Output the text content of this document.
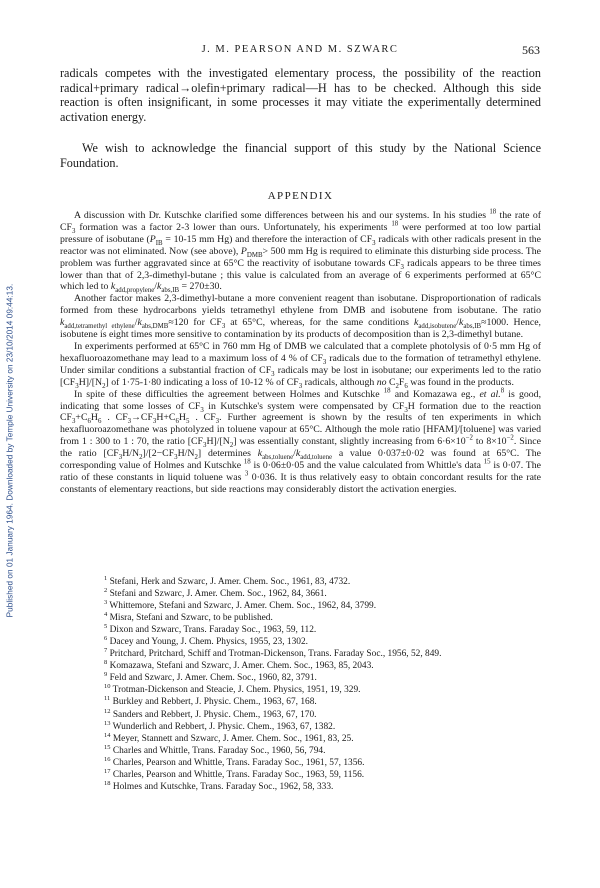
Published on 01 January 1964. Downloaded by Temple University on 23/10/2014 09:44:13.
J. M. PEARSON AND M. SZWARC	563

radicals competes with the investigated elementary process, the possibility of the reaction radical+primary radical→olefin+primary radical—H has to be checked. Although this side reaction is often insignificant, in some processes it may vitiate the experimentally determined activation energy.

We wish to acknowledge the financial support of this study by the National Science Foundation.

APPENDIX

A discussion with Dr. Kutschke clarified some differences between his and our systems. In his studies $^{18}$ the rate of $CF_3$ formation was a factor 2-3 lower than ours. Unfortunately, his experiments $^{18}$ were performed at too low partial pressure of isobutane ($P_{IB} = 10-15$ mm Hg) and therefore the interaction of $CF_3$ radicals with other radicals present in the reactor was not eliminated. Now (see above), $P_{DMB}> 500$ mm Hg is required to eliminate this disturbing side process. The problem was further aggravated since at 65°C the reactivity of isobutane towards $CF_3$ radicals appears to be three times lower than that of 2,3-dimethyl-butane ; this value is calculated from an average of 6 experiments performed at 65°C which led to $k_{add,propylene}/k_{abs,IB} = 270\pm 30$.

Another factor makes 2,3-dimethyl-butane a more convenient reagent than isobutane. Disproportionation of radicals formed from these hydrocarbons yields tetramethyl ethylene from DMB and isobutene from isobutane. The ratio $k_{add,tetramethyl ethylene}/k_{abs,DMB}\approx 120$ for $CF_3$ at 65°C, whereas, for the same conditions $k_{add,isobutene}/k_{abs,IB}\approx 1000$. Hence, isobutene is eight times more sensitive to contamination by its products of decomposition than is 2,3-dimethyl butane.

In experiments performed at 65°C in 760 mm Hg of DMB we calculated that a complete photolysis of 0·5 mm Hg of hexafluoroazomethane may lead to a maximum loss of 4 % of $CF_3$ radicals due to the formation of tetramethyl ethylene. Under similar conditions a substantial fraction of $CF_3$ radicals may be lost in isobutane; our experiments led to the ratio $[CF_3H]/[N_2]$ of 1·75-1·80 indicating a loss of 10-12 % of $CF_3$ radicals, although no $C_2F_6$ was found in the products.

In spite of these difficulties the agreement between Holmes and Kutschke $^{18}$ and Komazawa eg., et al.$^8$ is good, indicating that some losses of $CF_3$ in Kutschke's system were compensated by $CF_3H$ formation due to the reaction $CF_3+C_6H_6$ . $CF_3\to CF_3H+C_6H_5$ . $CF_3$. Further agreement is shown by the results of ten experiments in which hexafluoroazomethane was photolyzed in toluene vapour at 65°C. Although the mole ratio [HFAM]/[toluene] was varied from 1 : 300 to 1 : 70, the ratio $[CF_3H]/[N_2]$ was essentially constant, slightly increasing from $6\cdot 6\times 10^{-2}$ to $8\times 10^{-2}$. Since the ratio $[CF_3H/N_2]/[2-CF_3H/N_2]$ determines $k_{abs,toluene}/k_{add,toluene}$ a value 0·037±0·02 was found at 65°C. The corresponding value of Holmes and Kutschke $^{18}$ is 0·06±0·05 and the value calculated from Whittle's data $^{15}$ is 0·07. The ratio of these constants in liquid toluene was $^3$ 0·036. It is thus relatively easy to obtain concordant results for the rate constants of elementary reactions, but side reactions may considerably distort the activation energies.

$^1$ Stefani, Herk and Szwarc, J. Amer. Chem. Soc., 1961, 83, 4732.
$^2$ Stefani and Szwarc, J. Amer. Chem. Soc., 1962, 84, 3661.
$^3$ Whittemore, Stefani and Szwarc, J. Amer. Chem. Soc., 1962, 84, 3799.
$^4$ Misra, Stefani and Szwarc, to be published.
$^5$ Dixon and Szwarc, Trans. Faraday Soc., 1963, 59, 112.
$^6$ Dacey and Young, J. Chem. Physics, 1955, 23, 1302.
$^7$ Pritchard, Pritchard, Schiff and Trotman-Dickenson, Trans. Faraday Soc., 1956, 52, 849.
$^8$ Komazawa, Stefani and Szwarc, J. Amer. Chem. Soc., 1963, 85, 2043.
$^9$ Feld and Szwarc, J. Amer. Chem. Soc., 1960, 82, 3791.
$^{10}$ Trotman-Dickenson and Steacie, J. Chem. Physics, 1951, 19, 329.
$^{11}$ Burkley and Rebbert, J. Physic. Chem., 1963, 67, 168.
$^{12}$ Sanders and Rebbert, J. Physic. Chem., 1963, 67, 170.
$^{13}$ Wunderlich and Rebbert, J. Physic. Chem., 1963, 67, 1382.
$^{14}$ Meyer, Stannett and Szwarc, J. Amer. Chem. Soc., 1961, 83, 25.
$^{15}$ Charles and Whittle, Trans. Faraday Soc., 1960, 56, 794.
$^{16}$ Charles, Pearson and Whittle, Trans. Faraday Soc., 1961, 57, 1356.
$^{17}$ Charles, Pearson and Whittle, Trans. Faraday Soc., 1963, 59, 1156.
$^{18}$ Holmes and Kutschke, Trans. Faraday Soc., 1962, 58, 333.
